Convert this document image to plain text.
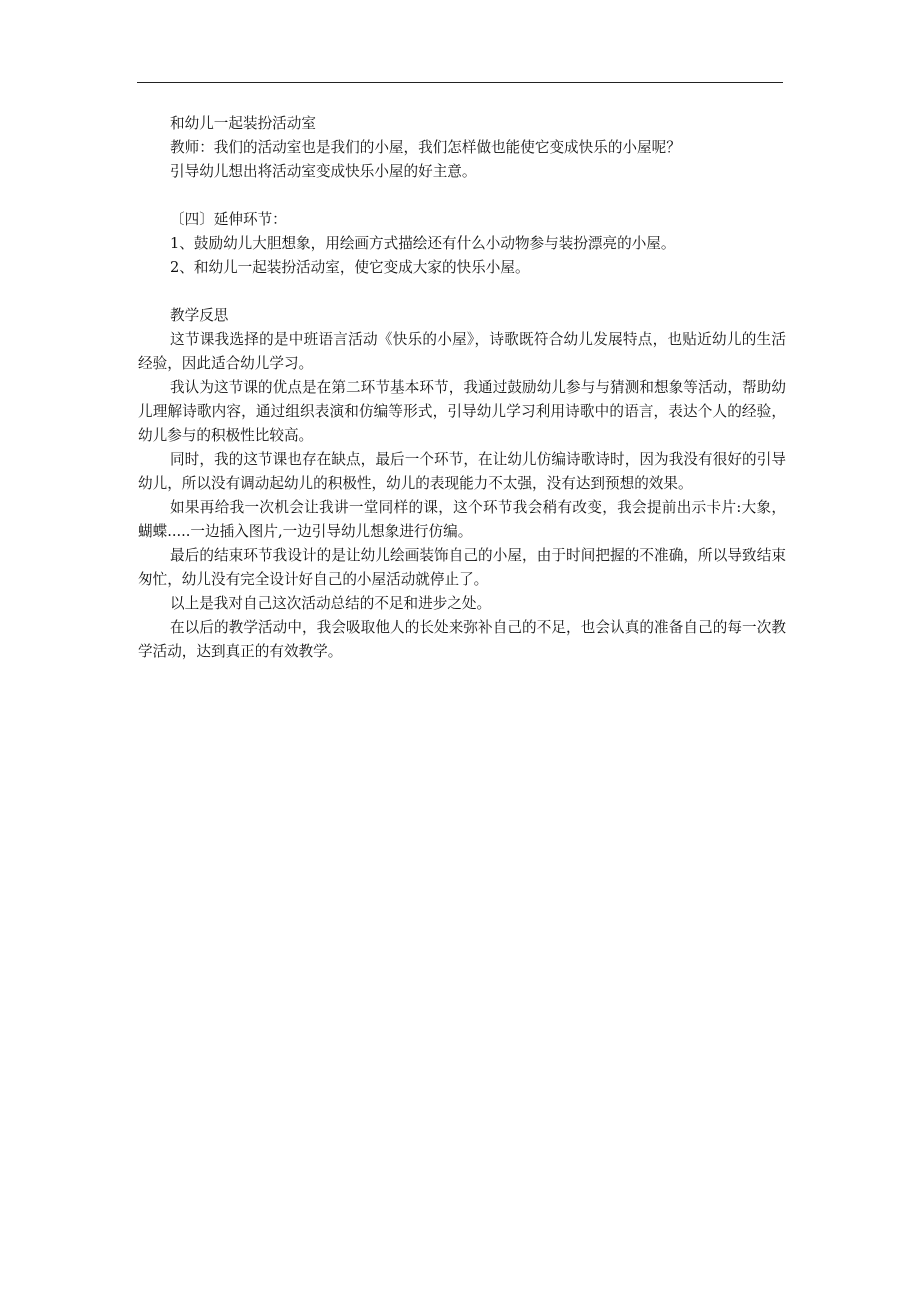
和幼儿一起装扮活动室

教师：我们的活动室也是我们的小屋，我们怎样做也能使它变成快乐的小屋呢？

引导幼儿想出将活动室变成快乐小屋的好主意。

〔四〕延伸环节：

1、鼓励幼儿大胆想象，用绘画方式描绘还有什么小动物参与装扮漂亮的小屋。

2、和幼儿一起装扮活动室，使它变成大家的快乐小屋。

教学反思

这节课我选择的是中班语言活动《快乐的小屋》，诗歌既符合幼儿发展特点，也贴近幼儿的生活经验，因此适合幼儿学习。

我认为这节课的优点是在第二环节基本环节，我通过鼓励幼儿参与与猜测和想象等活动，帮助幼儿理解诗歌内容，通过组织表演和仿编等形式，引导幼儿学习利用诗歌中的语言，表达个人的经验，幼儿参与的积极性比较高。

同时，我的这节课也存在缺点，最后一个环节，在让幼儿仿编诗歌诗时，因为我没有很好的引导幼儿，所以没有调动起幼儿的积极性，幼儿的表现能力不太强，没有达到预想的效果。

如果再给我一次机会让我讲一堂同样的课，这个环节我会稍有改变，我会提前出示卡片:大象，蝴蝶.....一边插入图片,一边引导幼儿想象进行仿编。

最后的结束环节我设计的是让幼儿绘画装饰自己的小屋，由于时间把握的不准确，所以导致结束匆忙，幼儿没有完全设计好自己的小屋活动就停止了。

以上是我对自己这次活动总结的不足和进步之处。

在以后的教学活动中，我会吸取他人的长处来弥补自己的不足，也会认真的准备自己的每一次教学活动，达到真正的有效教学。
